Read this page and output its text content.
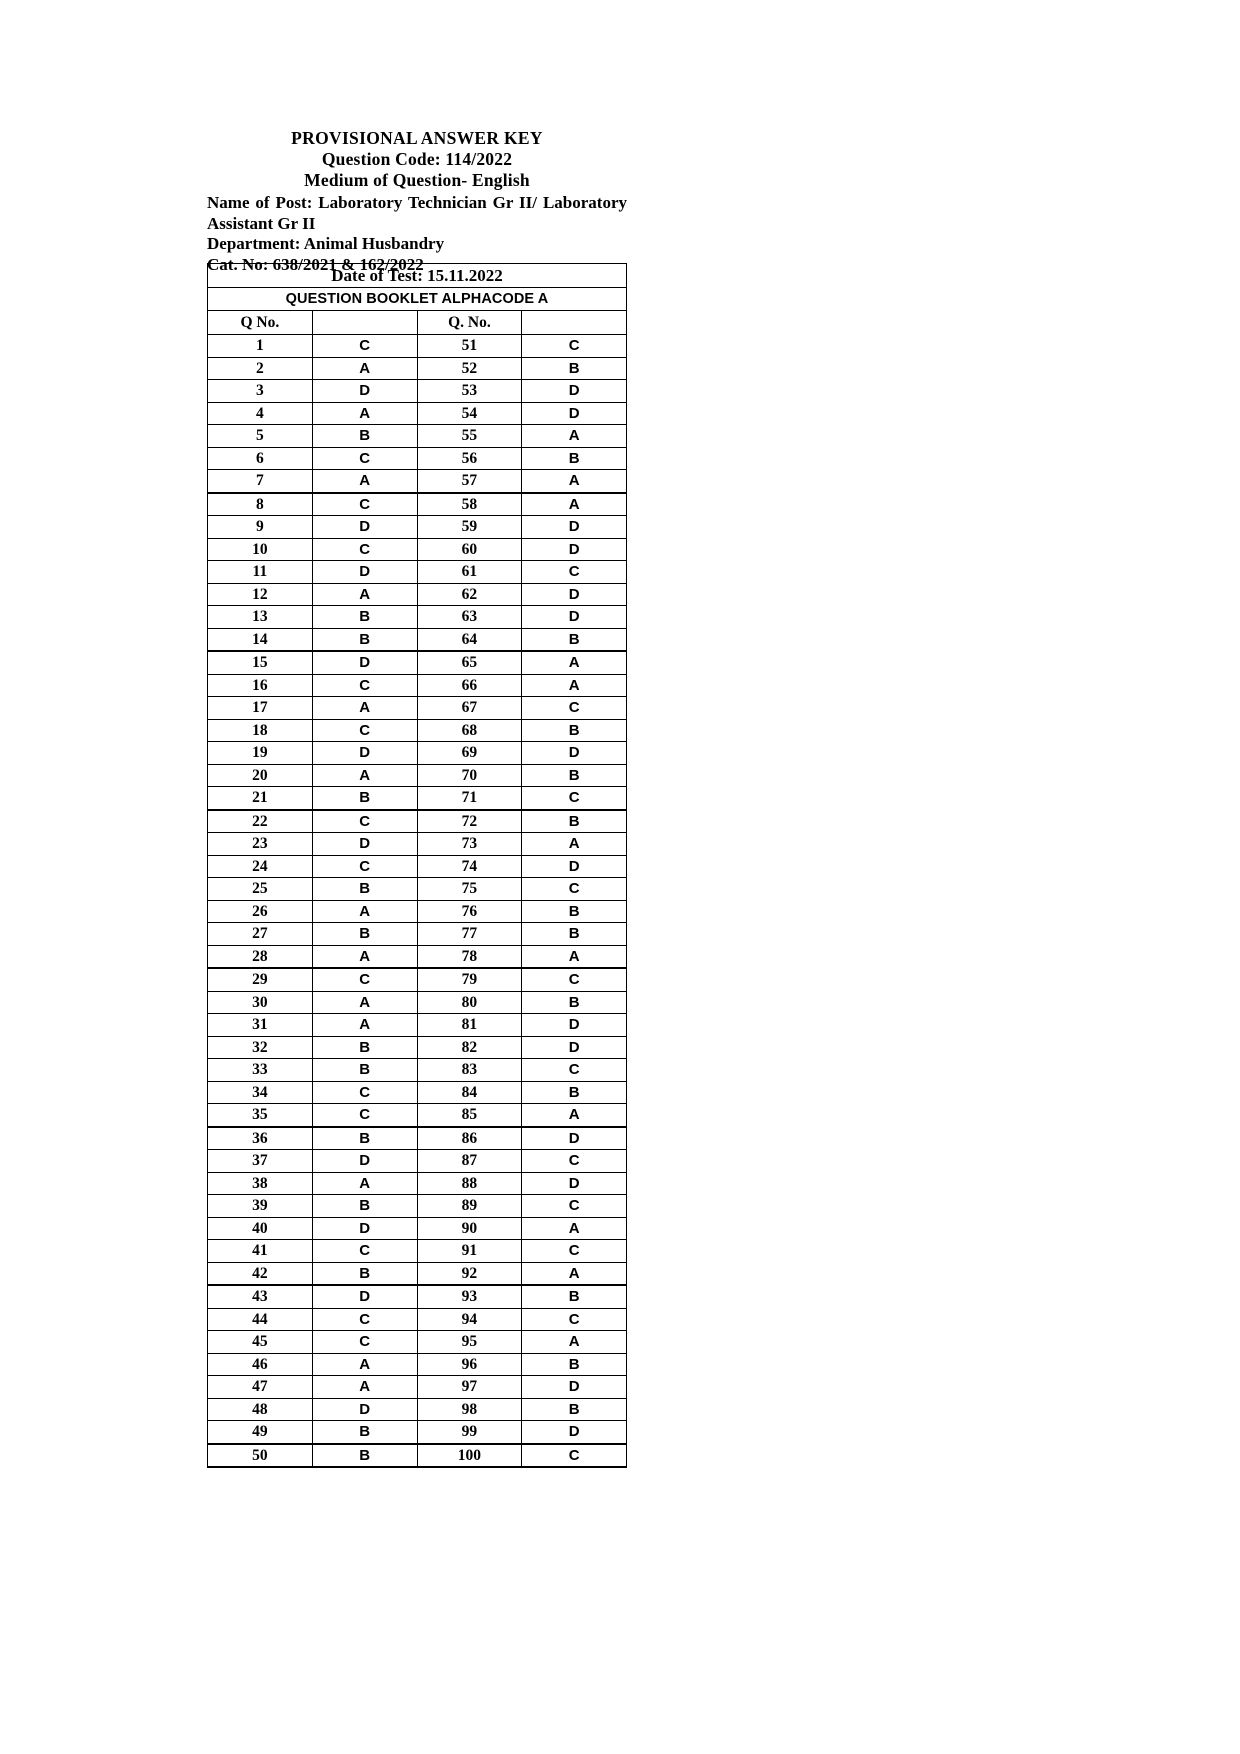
PROVISIONAL ANSWER KEY
Question Code: 114/2022
Medium of Question- English
Name of Post: Laboratory Technician Gr II/ Laboratory
Assistant Gr II
Department: Animal Husbandry
Cat. No: 638/2021 & 162/2022
Date of Test: 15.11.2022			
QUESTION BOOKLET ALPHACODE A			
Q No.		Q. No.	
1	C	51	C
2	A	52	B
3	D	53	D
4	A	54	D
5	B	55	A
6	C	56	B
7	A	57	A
8	C	58	A
9	D	59	D
10	C	60	D
11	D	61	C
12	A	62	D
13	B	63	D
14	B	64	B
15	D	65	A
16	C	66	A
17	A	67	C
18	C	68	B
19	D	69	D
20	A	70	B
21	B	71	C
22	C	72	B
23	D	73	A
24	C	74	D
25	B	75	C
26	A	76	B
27	B	77	B
28	A	78	A
29	C	79	C
30	A	80	B
31	A	81	D
32	B	82	D
33	B	83	C
34	C	84	B
35	C	85	A
36	B	86	D
37	D	87	C
38	A	88	D
39	B	89	C
40	D	90	A
41	C	91	C
42	B	92	A
43	D	93	B
44	C	94	C
45	C	95	A
46	A	96	B
47	A	97	D
48	D	98	B
49	B	99	D
50	B	100	C
